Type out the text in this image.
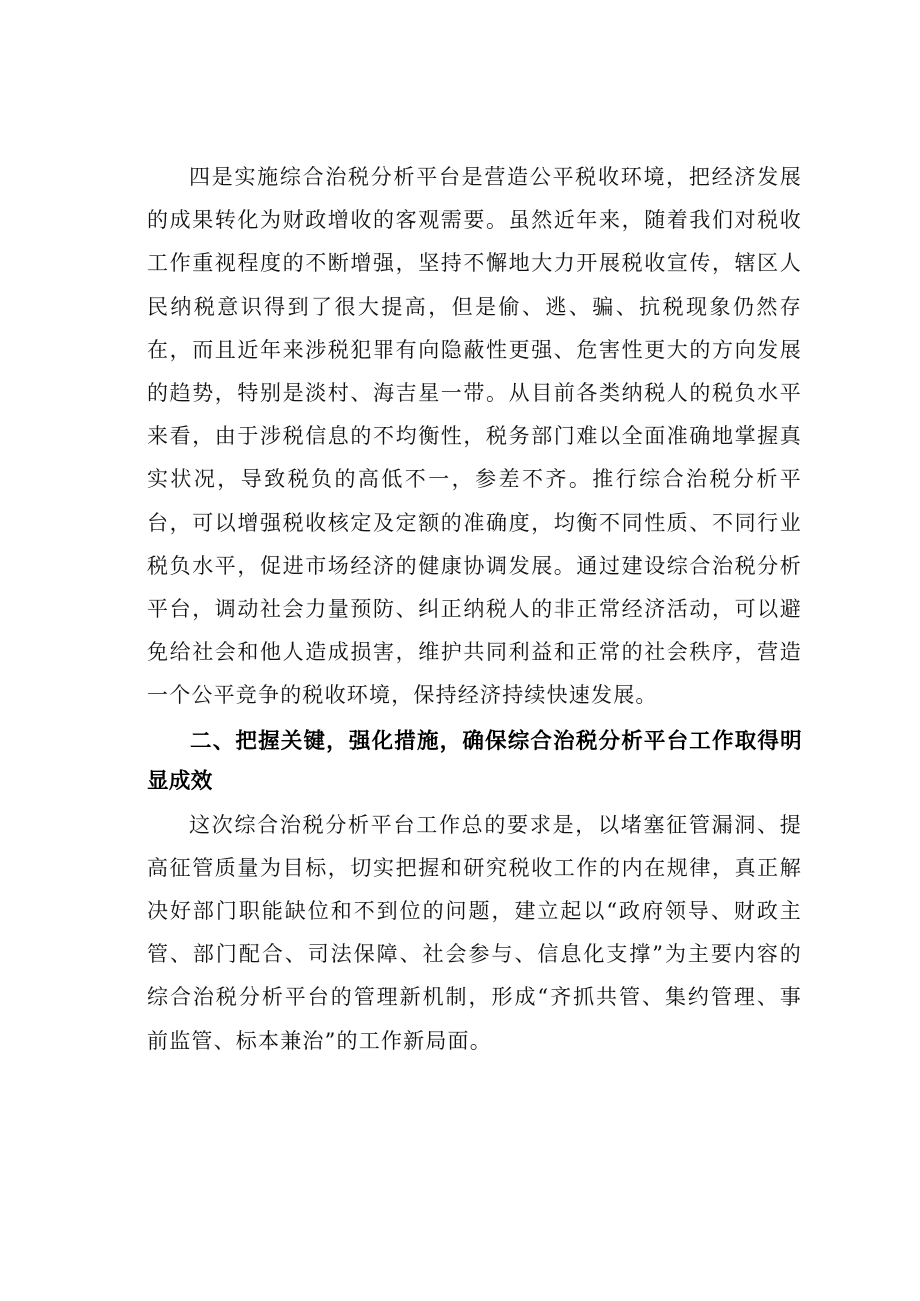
四是实施综合治税分析平台是营造公平税收环境，把经济发展的成果转化为财政增收的客观需要。虽然近年来，随着我们对税收工作重视程度的不断增强，坚持不懈地大力开展税收宣传，辖区人民纳税意识得到了很大提高，但是偷、逃、骗、抗税现象仍然存在，而且近年来涉税犯罪有向隐蔽性更强、危害性更大的方向发展的趋势，特别是淡村、海吉星一带。从目前各类纳税人的税负水平来看，由于涉税信息的不均衡性，税务部门难以全面准确地掌握真实状况，导致税负的高低不一，参差不齐。推行综合治税分析平台，可以增强税收核定及定额的准确度，均衡不同性质、不同行业税负水平，促进市场经济的健康协调发展。通过建设综合治税分析平台，调动社会力量预防、纠正纳税人的非正常经济活动，可以避免给社会和他人造成损害，维护共同利益和正常的社会秩序，营造一个公平竞争的税收环境，保持经济持续快速发展。

二、把握关键，强化措施，确保综合治税分析平台工作取得明显成效

这次综合治税分析平台工作总的要求是，以堵塞征管漏洞、提高征管质量为目标，切实把握和研究税收工作的内在规律，真正解决好部门职能缺位和不到位的问题，建立起以“政府领导、财政主管、部门配合、司法保障、社会参与、信息化支撑”为主要内容的综合治税分析平台的管理新机制，形成“齐抓共管、集约管理、事前监管、标本兼治”的工作新局面。
